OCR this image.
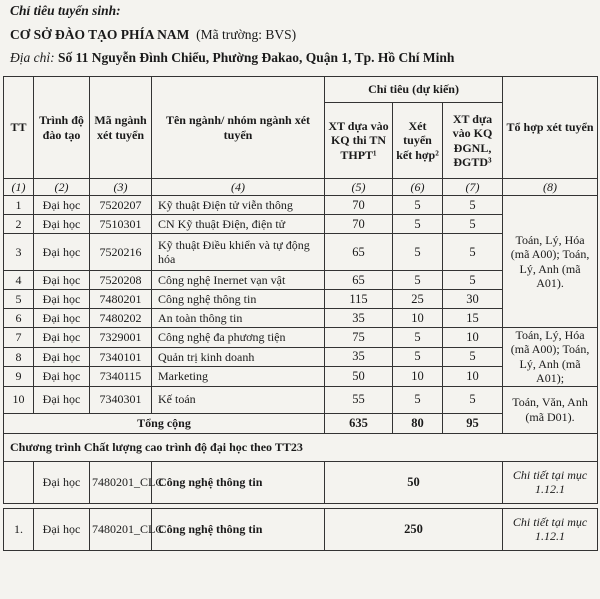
Chỉ tiêu tuyển sinh:
CƠ SỞ ĐÀO TẠO PHÍA NAM (Mã trường: BVS)
Địa chỉ: Số 11 Nguyễn Đình Chiểu, Phường Đakao, Quận 1, Tp. Hồ Chí Minh
TT	Trình độ đào tạo	Mã ngành xét tuyển	Tên ngành/ nhóm ngành xét tuyển	Chỉ tiêu (dự kiến)			Tổ hợp xét tuyển
				XT dựa vào KQ thi TN THPT¹	Xét tuyển kết hợp²	XT dựa vào KQ ĐGNL, ĐGTD³	
(1)	(2)	(3)	(4)	(5)	(6)	(7)	(8)
1	Đại học	7520207	Kỹ thuật Điện tử viễn thông	70	5	5	Toán, Lý, Hóa (mã A00); Toán, Lý, Anh (mã A01).
2	Đại học	7510301	CN Kỹ thuật Điện, điện tử	70	5	5	
3	Đại học	7520216	Kỹ thuật Điều khiển và tự động hóa	65	5	5	
4	Đại học	7520208	Công nghệ Inernet vạn vật	65	5	5	
5	Đại học	7480201	Công nghệ thông tin	115	25	30	
6	Đại học	7480202	An toàn thông tin	35	10	15	
7	Đại học	7329001	Công nghệ đa phương tiện	75	5	10	Toán, Lý, Hóa (mã A00); Toán, Lý, Anh (mã A01);
8	Đại học	7340101	Quản trị kinh doanh	35	5	5	
9	Đại học	7340115	Marketing	50	10	10	
10	Đại học	7340301	Kế toán	55	5	5	Toán, Văn, Anh (mã D01).
Tổng cộng				635	80	95	
Chương trình Chất lượng cao trình độ đại học theo TT23							
	Đại học	7480201_CLC	Công nghệ thông tin	50			Chi tiết tại mục 1.12.1

1.	Đại học	7480201_CLC	Công nghệ thông tin	250			Chi tiết tại mục 1.12.1
